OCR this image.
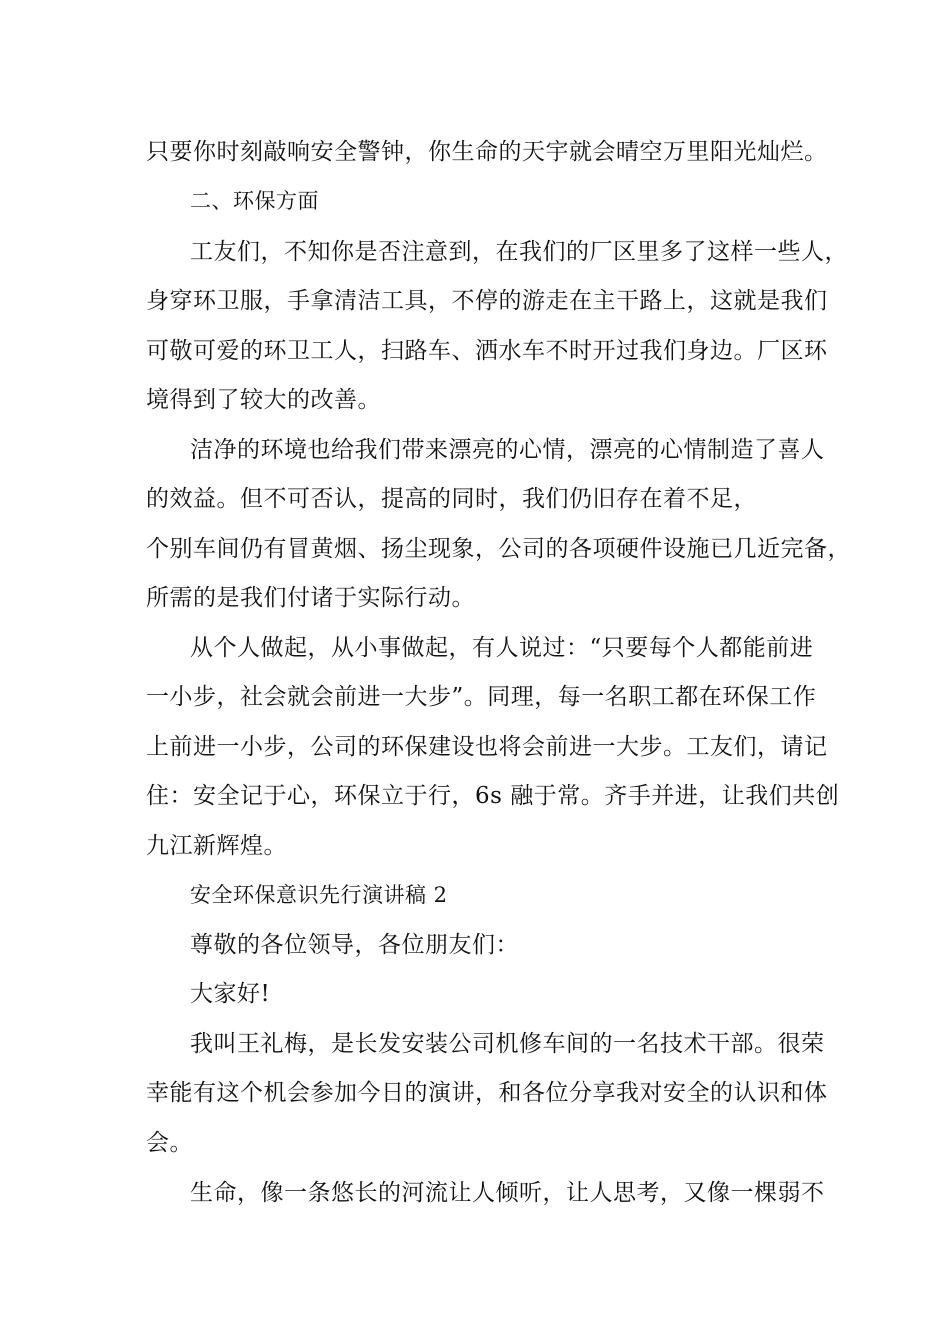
只要你时刻敲响安全警钟，你生命的天宇就会晴空万里阳光灿烂。
二、环保方面
工友们，不知你是否注意到，在我们的厂区里多了这样一些人，
身穿环卫服，手拿清洁工具，不停的游走在主干路上，这就是我们
可敬可爱的环卫工人，扫路车、洒水车不时开过我们身边。厂区环
境得到了较大的改善。
洁净的环境也给我们带来漂亮的心情，漂亮的心情制造了喜人
的效益。但不可否认，提高的同时，我们仍旧存在着不足，
个别车间仍有冒黄烟、扬尘现象，公司的各项硬件设施已几近完备，
所需的是我们付诸于实际行动。
从个人做起，从小事做起，有人说过：“只要每个人都能前进
一小步，社会就会前进一大步”。同理，每一名职工都在环保工作
上前进一小步，公司的环保建设也将会前进一大步。工友们，请记
住：安全记于心，环保立于行，6s 融于常。齐手并进，让我们共创
九江新辉煌。
安全环保意识先行演讲稿 2
尊敬的各位领导，各位朋友们：
大家好!
我叫王礼梅，是长发安装公司机修车间的一名技术干部。很荣
幸能有这个机会参加今日的演讲，和各位分享我对安全的认识和体
会。
生命，像一条悠长的河流让人倾听，让人思考，又像一棵弱不
